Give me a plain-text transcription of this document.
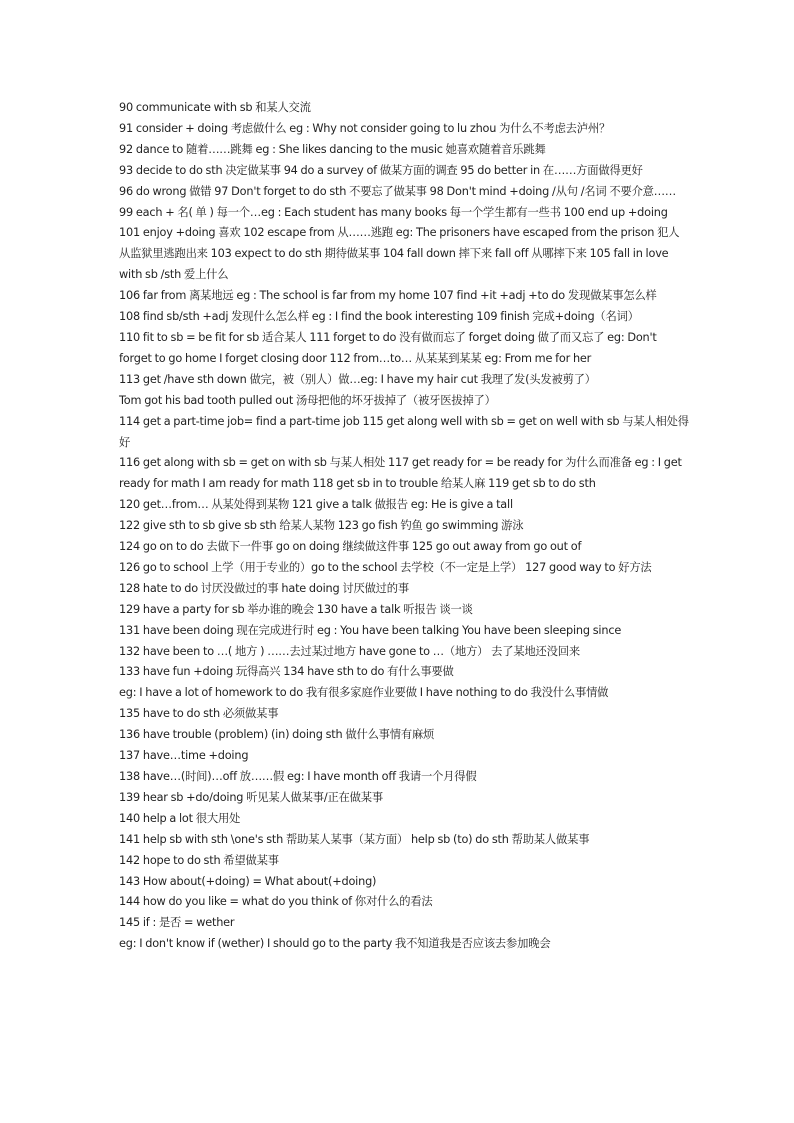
90 communicate with sb 和某人交流

91 consider + doing 考虑做什么 eg : Why not consider going to lu zhou 为什么不考虑去泸州？

92 dance to 随着……跳舞 eg : She likes dancing to the music 她喜欢随着音乐跳舞

93 decide to do sth 决定做某事 94 do a survey of 做某方面的调查 95 do better in 在……方面做得更好

96 do wrong 做错 97 Don't forget to do sth 不要忘了做某事 98 Don't mind +doing /从句 /名词 不要介意……

99 each + 名( 单 ) 每一个…eg : Each student has many books 每一个学生都有一些书 100 end up +doing

101 enjoy +doing 喜欢 102 escape from 从……逃跑 eg: The prisoners have escaped from the prison 犯人从监狱里逃跑出来 103 expect to do sth 期待做某事 104 fall down 摔下来 fall off 从哪摔下来 105 fall in love with sb /sth 爱上什么

106 far from 离某地远 eg : The school is far from my home 107 find +it +adj +to do 发现做某事怎么样

108 find sb/sth +adj 发现什么怎么样 eg : I find the book interesting 109 finish 完成+doing（名词）

110 fit to sb = be fit for sb 适合某人 111 forget to do 没有做而忘了 forget doing 做了而又忘了 eg: Don't forget to go home I forget closing door 112 from…to… 从某某到某某 eg: From me for her

113 get /have sth down 做完，被（别人）做…eg: I have my hair cut 我理了发(头发被剪了）

Tom got his bad tooth pulled out 汤母把他的坏牙拔掉了（被牙医拔掉了）

114 get a part-time job= find a part-time job 115 get along well with sb = get on well with sb 与某人相处得好

116 get along with sb = get on with sb 与某人相处 117 get ready for = be ready for 为什么而准备 eg : I get ready for math I am ready for math 118 get sb in to trouble 给某人麻 119 get sb to do sth

120 get…from… 从某处得到某物 121 give a talk 做报告 eg: He is give a tall

122 give sth to sb give sb sth 给某人某物 123 go fish 钓鱼 go swimming 游泳

124 go on to do 去做下一件事 go on doing 继续做这件事 125 go out away from go out of

126 go to school 上学（用于专业的）go to the school 去学校（不一定是上学） 127 good way to 好方法

128 hate to do 讨厌没做过的事 hate doing 讨厌做过的事

129 have a party for sb 举办谁的晚会 130 have a talk 听报告 谈一谈

131 have been doing 现在完成进行时 eg : You have been talking You have been sleeping since

132 have been to …( 地方 ) ……去过某过地方 have gone to …（地方） 去了某地还没回来

133 have fun +doing 玩得高兴 134 have sth to do 有什么事要做

eg: I have a lot of homework to do 我有很多家庭作业要做 I have nothing to do 我没什么事情做

135 have to do sth 必须做某事

136 have trouble (problem) (in) doing sth 做什么事情有麻烦

137 have…time +doing

138 have…(时间)…off 放……假 eg: I have month off 我请一个月得假

139 hear sb +do/doing 听见某人做某事/正在做某事

140 help a lot 很大用处

141 help sb with sth \one's sth 帮助某人某事（某方面） help sb (to) do sth 帮助某人做某事

142 hope to do sth 希望做某事

143 How about(+doing) = What about(+doing)

144 how do you like = what do you think of 你对什么的看法

145 if : 是否 = wether

eg: I don't know if (wether) I should go to the party 我不知道我是否应该去参加晚会
